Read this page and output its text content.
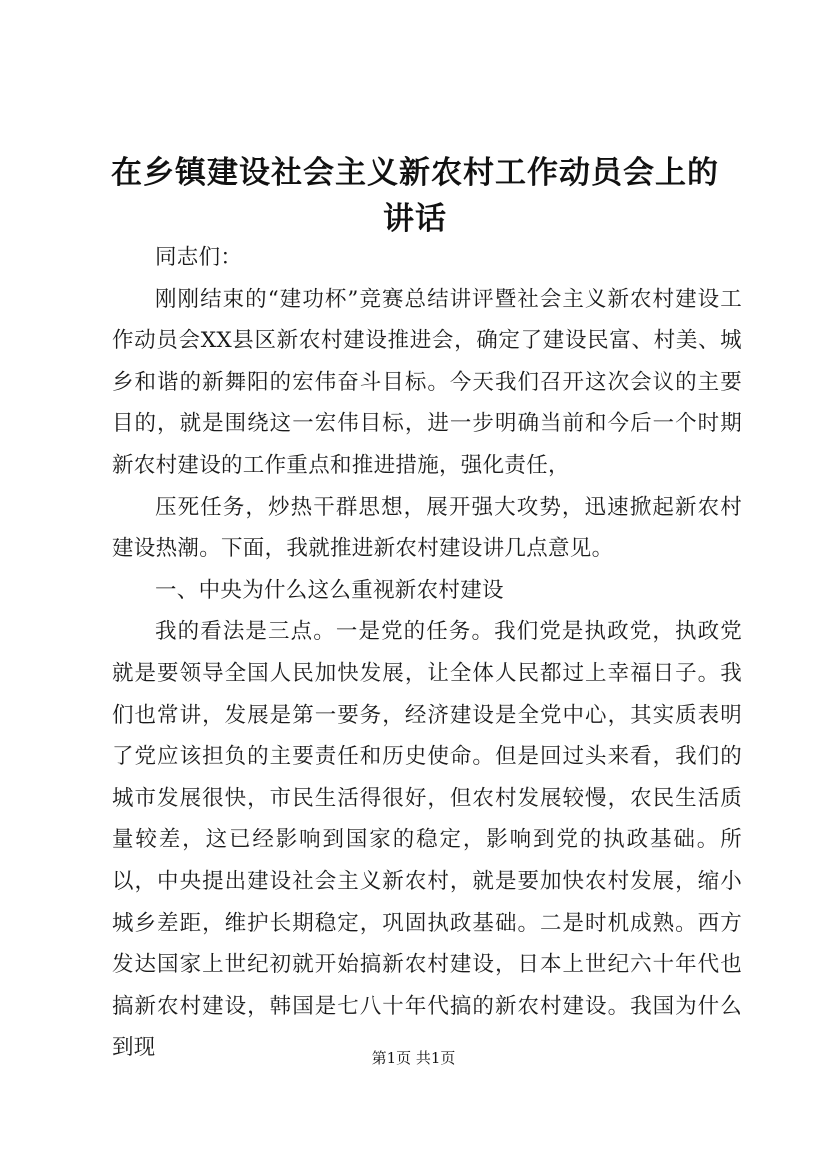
在乡镇建设社会主义新农村工作动员会上的讲话

同志们：

刚刚结束的“建功杯”竞赛总结讲评暨社会主义新农村建设工作动员会XX县区新农村建设推进会，确定了建设民富、村美、城乡和谐的新舞阳的宏伟奋斗目标。今天我们召开这次会议的主要目的，就是围绕这一宏伟目标，进一步明确当前和今后一个时期新农村建设的工作重点和推进措施，强化责任，

压死任务，炒热干群思想，展开强大攻势，迅速掀起新农村建设热潮。下面，我就推进新农村建设讲几点意见。

一、中央为什么这么重视新农村建设

我的看法是三点。一是党的任务。我们党是执政党，执政党就是要领导全国人民加快发展，让全体人民都过上幸福日子。我们也常讲，发展是第一要务，经济建设是全党中心，其实质表明了党应该担负的主要责任和历史使命。但是回过头来看，我们的城市发展很快，市民生活得很好，但农村发展较慢，农民生活质量较差，这已经影响到国家的稳定，影响到党的执政基础。所以，中央提出建设社会主义新农村，就是要加快农村发展，缩小城乡差距，维护长期稳定，巩固执政基础。二是时机成熟。西方发达国家上世纪初就开始搞新农村建设，日本上世纪六十年代也搞新农村建设，韩国是七八十年代搞的新农村建设。我国为什么到现	第1页 共1页
